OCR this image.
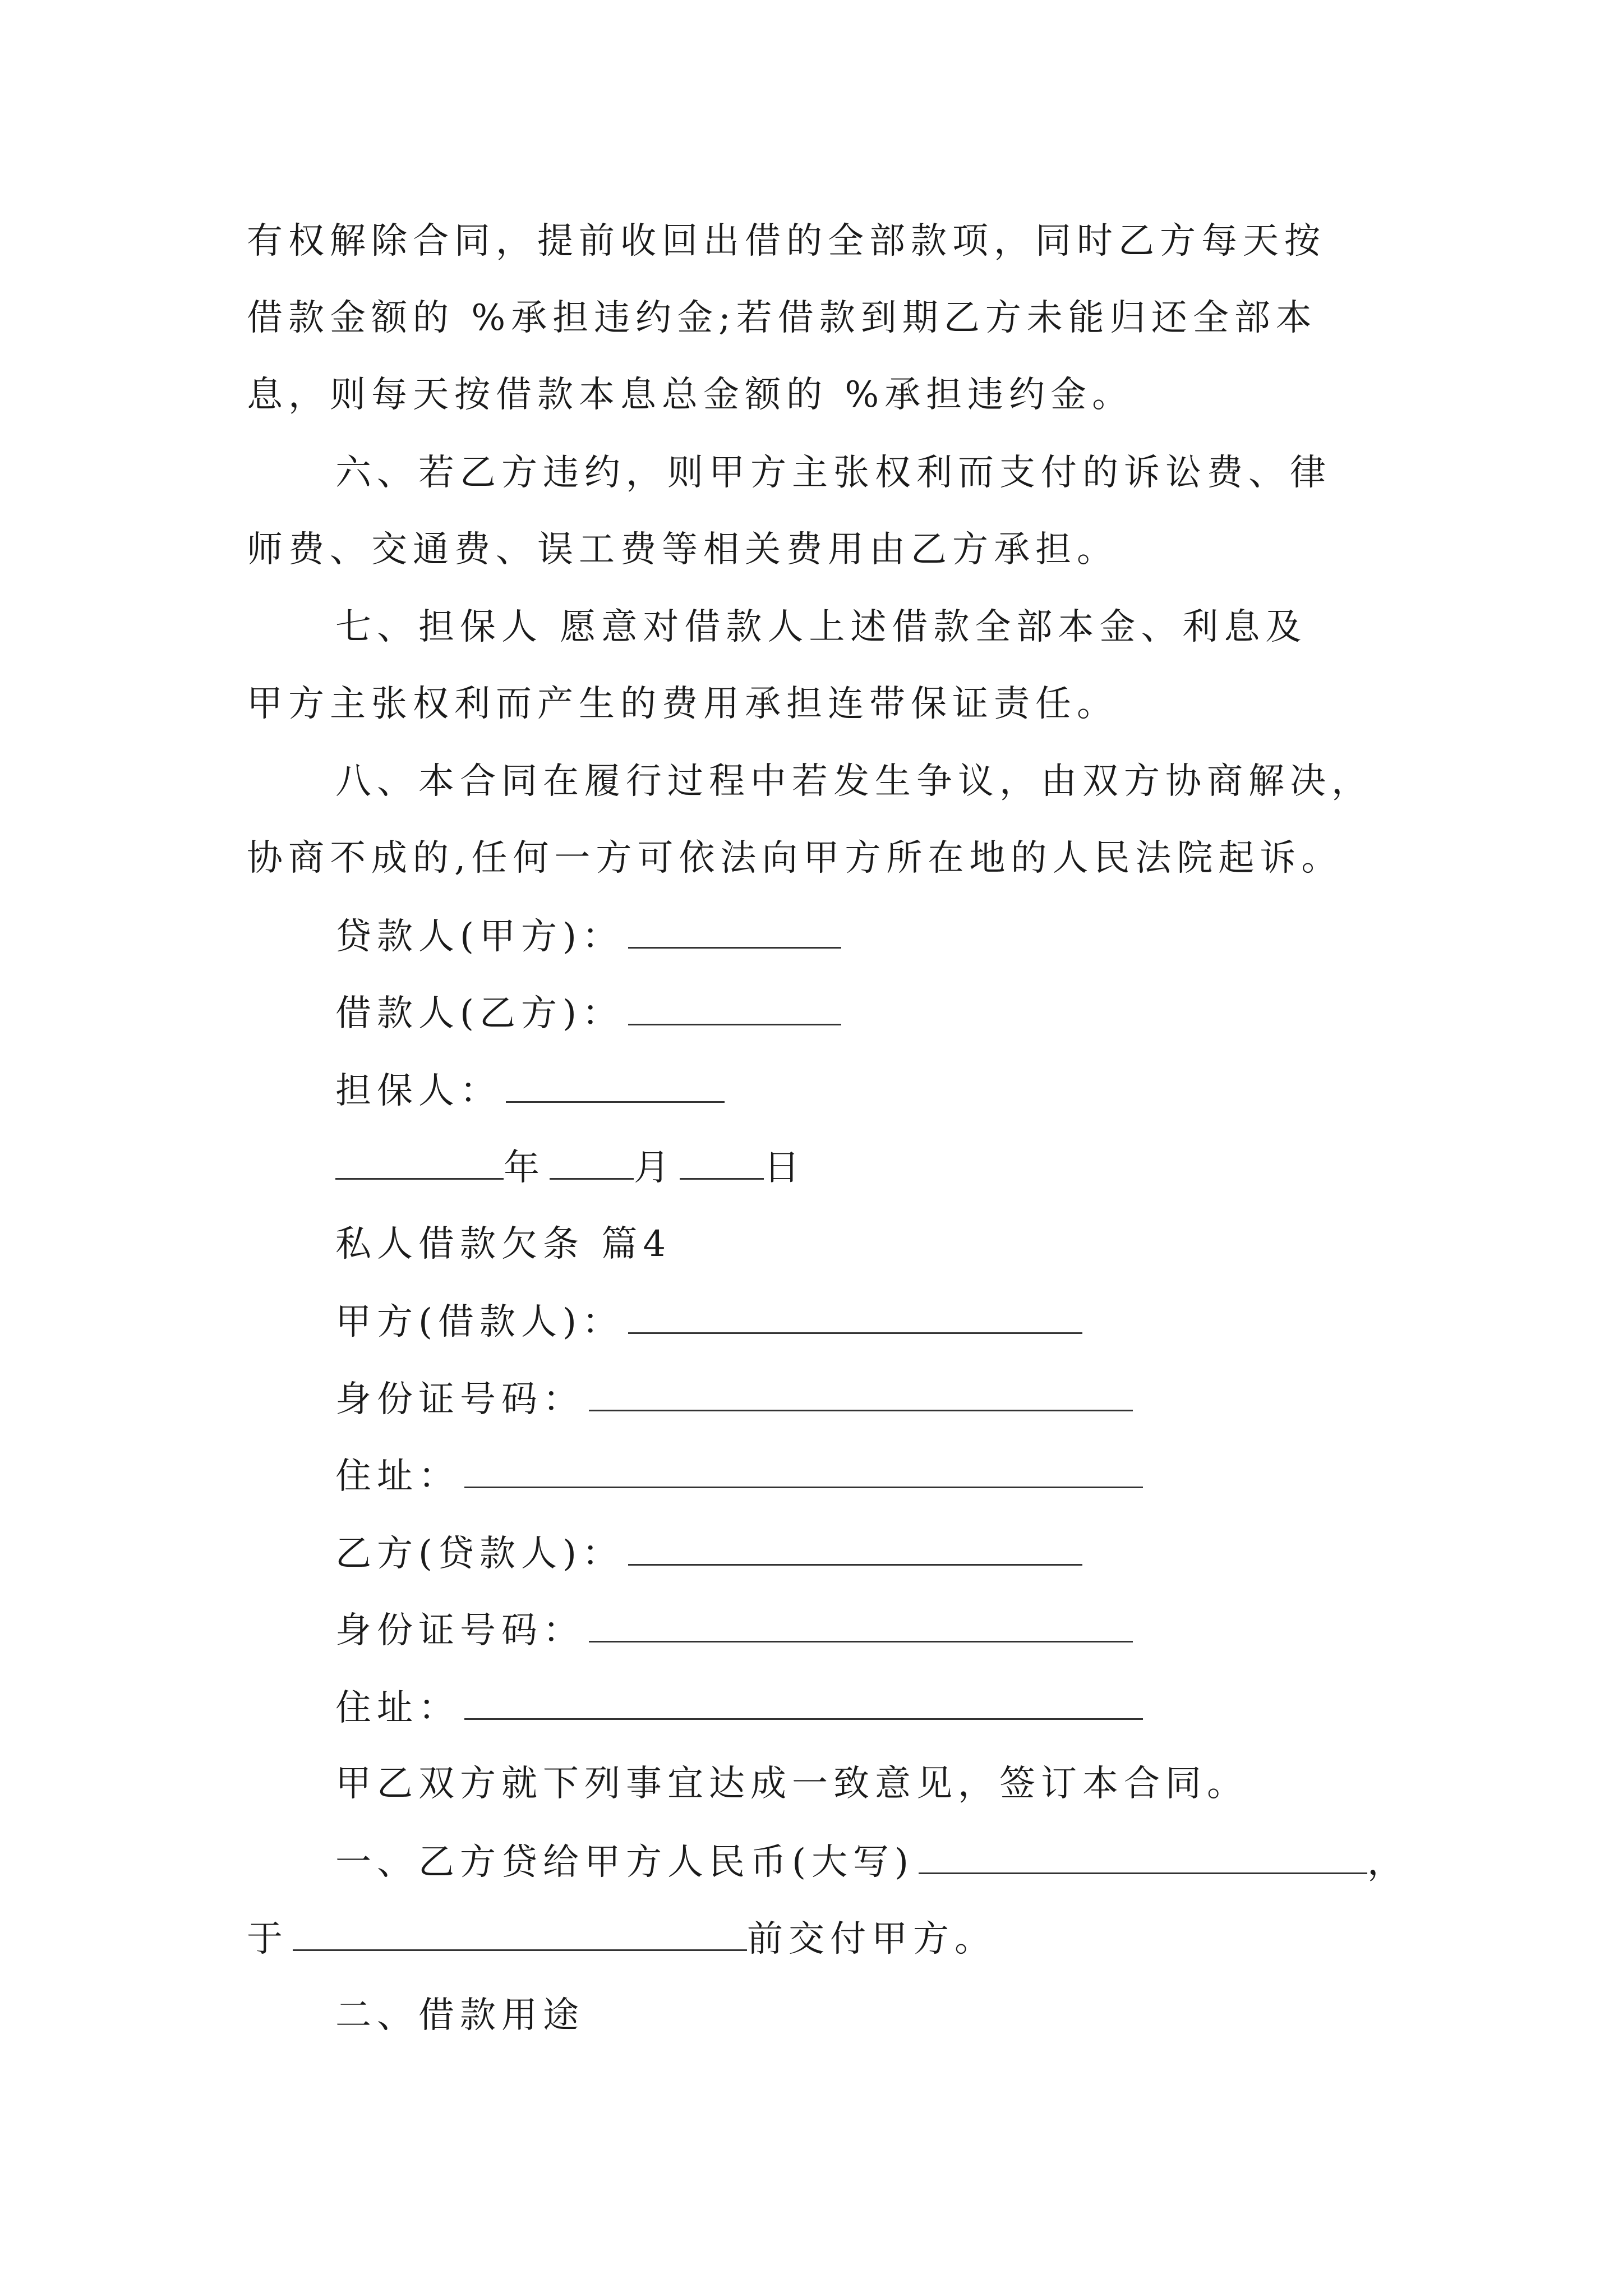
有权解除合同，提前收回出借的全部款项，同时乙方每天按
借款金额的 %承担违约金;若借款到期乙方未能归还全部本
息，则每天按借款本息总金额的 %承担违约金。
六、若乙方违约，则甲方主张权利而支付的诉讼费、律
师费、交通费、误工费等相关费用由乙方承担。
七、担保人 愿意对借款人上述借款全部本金、利息及
甲方主张权利而产生的费用承担连带保证责任。
八、本合同在履行过程中若发生争议，由双方协商解决，
协商不成的,任何一方可依法向甲方所在地的人民法院起诉。
贷款人(甲方)：
借款人(乙方)：
担保人：
年 月 日
私人借款欠条 篇4
甲方(借款人)：
身份证号码：
住址：
乙方(贷款人)：
身份证号码：
住址：
甲乙双方就下列事宜达成一致意见，签订本合同。
一、乙方贷给甲方人民币(大写)	，
于	前交付甲方。
二、借款用途
